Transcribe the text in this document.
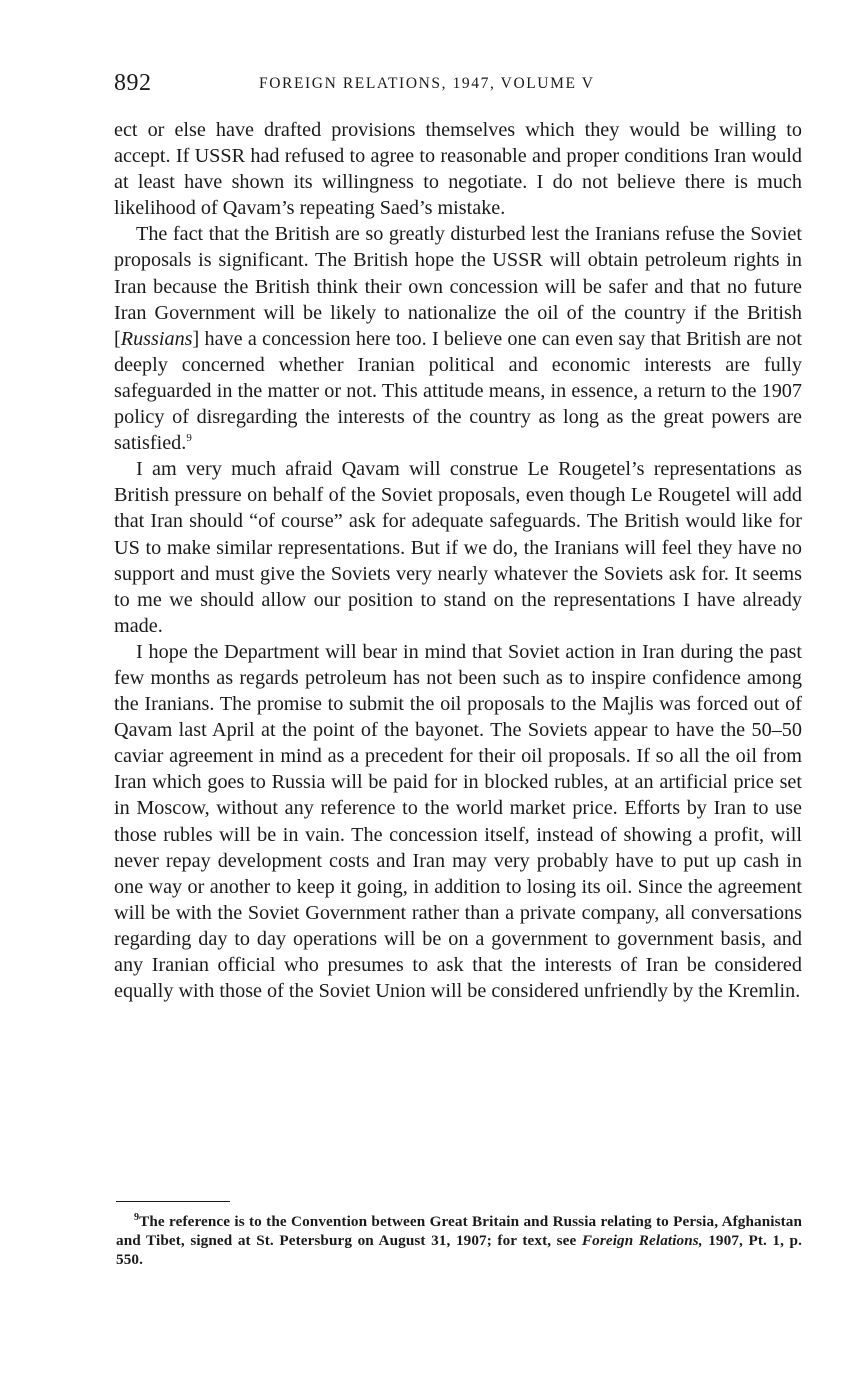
892	FOREIGN RELATIONS, 1947, VOLUME V

ect or else have drafted provisions themselves which they would be willing to accept. If USSR had refused to agree to reasonable and proper conditions Iran would at least have shown its willingness to negotiate. I do not believe there is much likelihood of Qavam’s repeating Saed’s mistake.

The fact that the British are so greatly disturbed lest the Iranians refuse the Soviet proposals is significant. The British hope the USSR will obtain petroleum rights in Iran because the British think their own concession will be safer and that no future Iran Government will be likely to nationalize the oil of the country if the British [Russians] have a concession here too. I believe one can even say that British are not deeply concerned whether Iranian political and economic interests are fully safeguarded in the matter or not. This attitude means, in essence, a return to the 1907 policy of disregarding the interests of the country as long as the great powers are satisfied.$^9$

I am very much afraid Qavam will construe Le Rougetel’s representations as British pressure on behalf of the Soviet proposals, even though Le Rougetel will add that Iran should “of course” ask for adequate safeguards. The British would like for US to make similar representations. But if we do, the Iranians will feel they have no support and must give the Soviets very nearly whatever the Soviets ask for. It seems to me we should allow our position to stand on the representations I have already made.

I hope the Department will bear in mind that Soviet action in Iran during the past few months as regards petroleum has not been such as to inspire confidence among the Iranians. The promise to submit the oil proposals to the Majlis was forced out of Qavam last April at the point of the bayonet. The Soviets appear to have the 50–50 caviar agreement in mind as a precedent for their oil proposals. If so all the oil from Iran which goes to Russia will be paid for in blocked rubles, at an artificial price set in Moscow, without any reference to the world market price. Efforts by Iran to use those rubles will be in vain. The concession itself, instead of showing a profit, will never repay development costs and Iran may very probably have to put up cash in one way or another to keep it going, in addition to losing its oil. Since the agreement will be with the Soviet Government rather than a private company, all conversations regarding day to day operations will be on a government to government basis, and any Iranian official who presumes to ask that the interests of Iran be considered equally with those of the Soviet Union will be considered unfriendly by the Kremlin.

$^9$The reference is to the Convention between Great Britain and Russia relating to Persia, Afghanistan and Tibet, signed at St. Petersburg on August 31, 1907; for text, see Foreign Relations, 1907, Pt. 1, p. 550.
